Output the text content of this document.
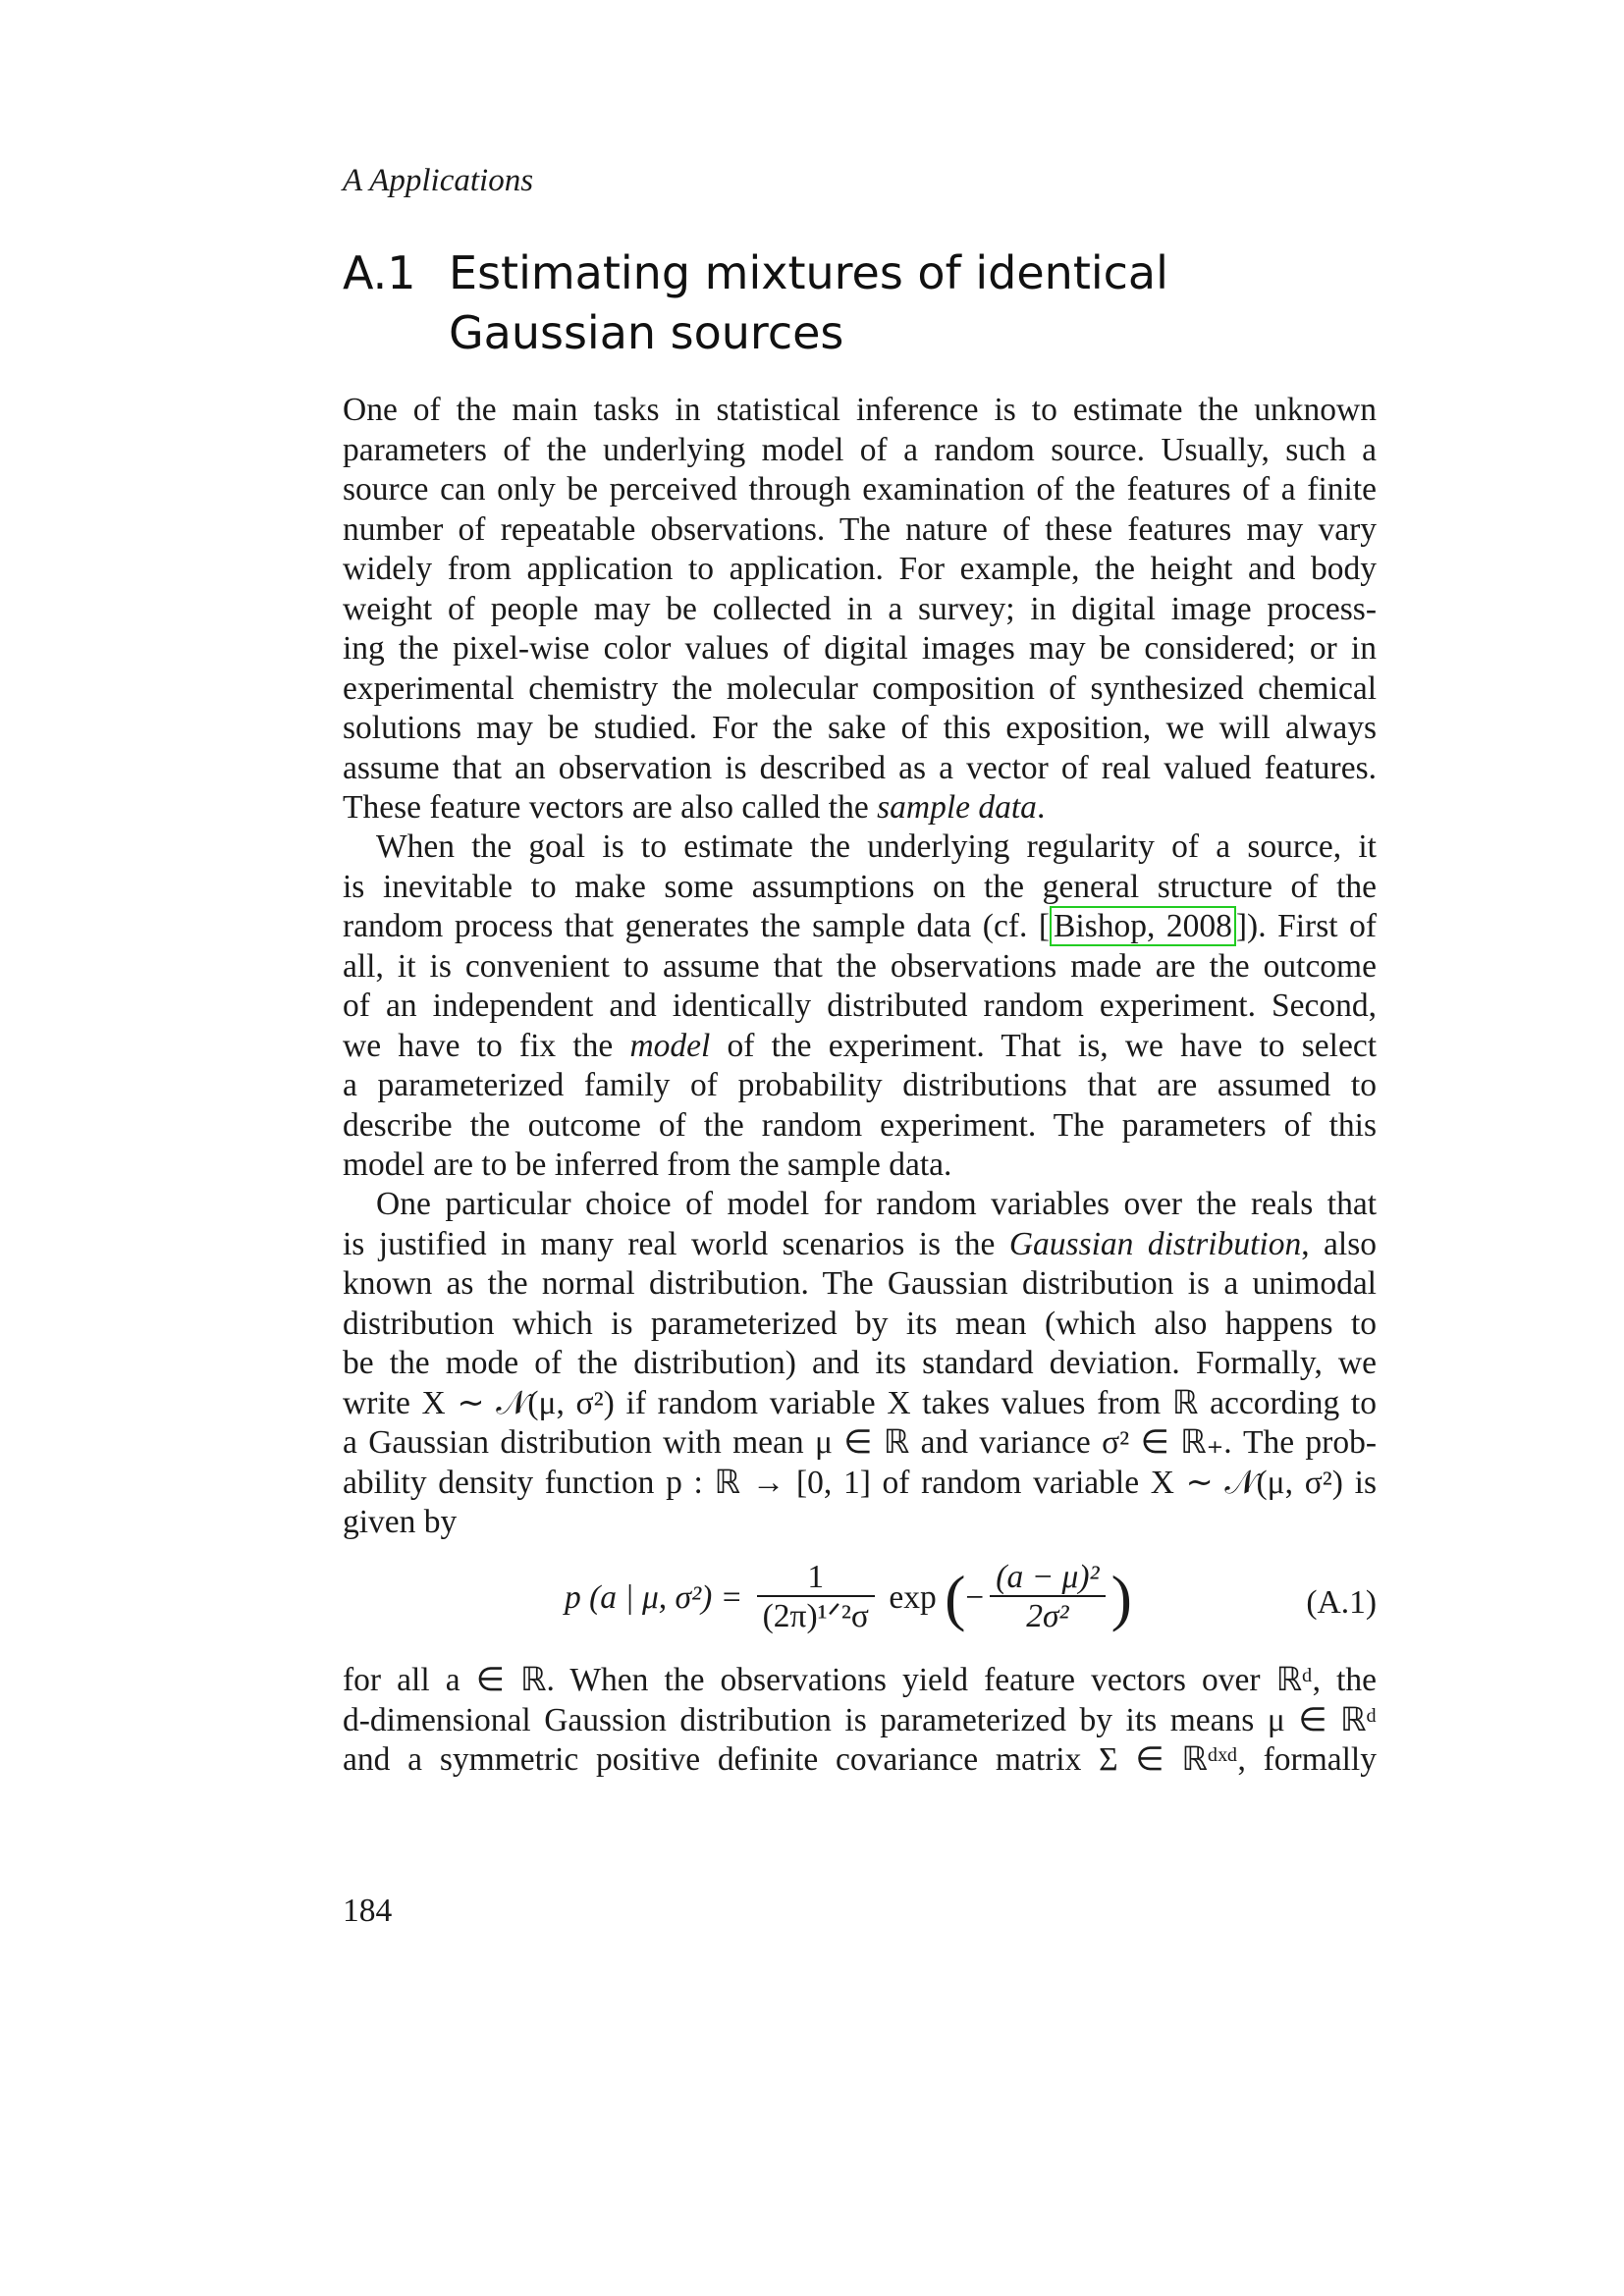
A Applications
A.1 Estimating mixtures of identical
Gaussian sources
One of the main tasks in statistical inference is to estimate the unknown
parameters of the underlying model of a random source. Usually, such a
source can only be perceived through examination of the features of a finite
number of repeatable observations. The nature of these features may vary
widely from application to application. For example, the height and body
weight of people may be collected in a survey; in digital image process-
ing the pixel-wise color values of digital images may be considered; or in
experimental chemistry the molecular composition of synthesized chemical
solutions may be studied. For the sake of this exposition, we will always
assume that an observation is described as a vector of real valued features.
These feature vectors are also called the sample data.
When the goal is to estimate the underlying regularity of a source, it
is inevitable to make some assumptions on the general structure of the
random process that generates the sample data (cf. [ Bishop, 2008 ]). First of
all, it is convenient to assume that the observations made are the outcome
of an independent and identically distributed random experiment. Second,
we have to fix the model of the experiment. That is, we have to select
a parameterized family of probability distributions that are assumed to
describe the outcome of the random experiment. The parameters of this
model are to be inferred from the sample data.
One particular choice of model for random variables over the reals that
is justified in many real world scenarios is the Gaussian distribution, also
known as the normal distribution. The Gaussian distribution is a unimodal
distribution which is parameterized by its mean (which also happens to
be the mode of the distribution) and its standard deviation. Formally, we
write X ∼ 𝒩(μ, σ²) if random variable X takes values from ℝ according to
a Gaussian distribution with mean μ ∈ ℝ and variance σ² ∈ ℝ₊. The prob-
ability density function p : ℝ → [0, 1] of random variable X ∼ 𝒩(μ, σ²) is
given by
p (a | μ, $\sigma^2) = \frac{1}{\text{(2π)¹ᐟ²σ}}$ exp (− $\frac{\text{(a − μ)²}}{\text{2σ²}}$ )	(A.1)
for all a ∈ ℝ. When the observations yield feature vectors over ℝᵈ, the
d-dimensional Gaussion distribution is parameterized by its means μ ∈ ℝᵈ
and a symmetric positive definite covariance matrix Σ ∈ ℝᵈˣᵈ, formally
184
